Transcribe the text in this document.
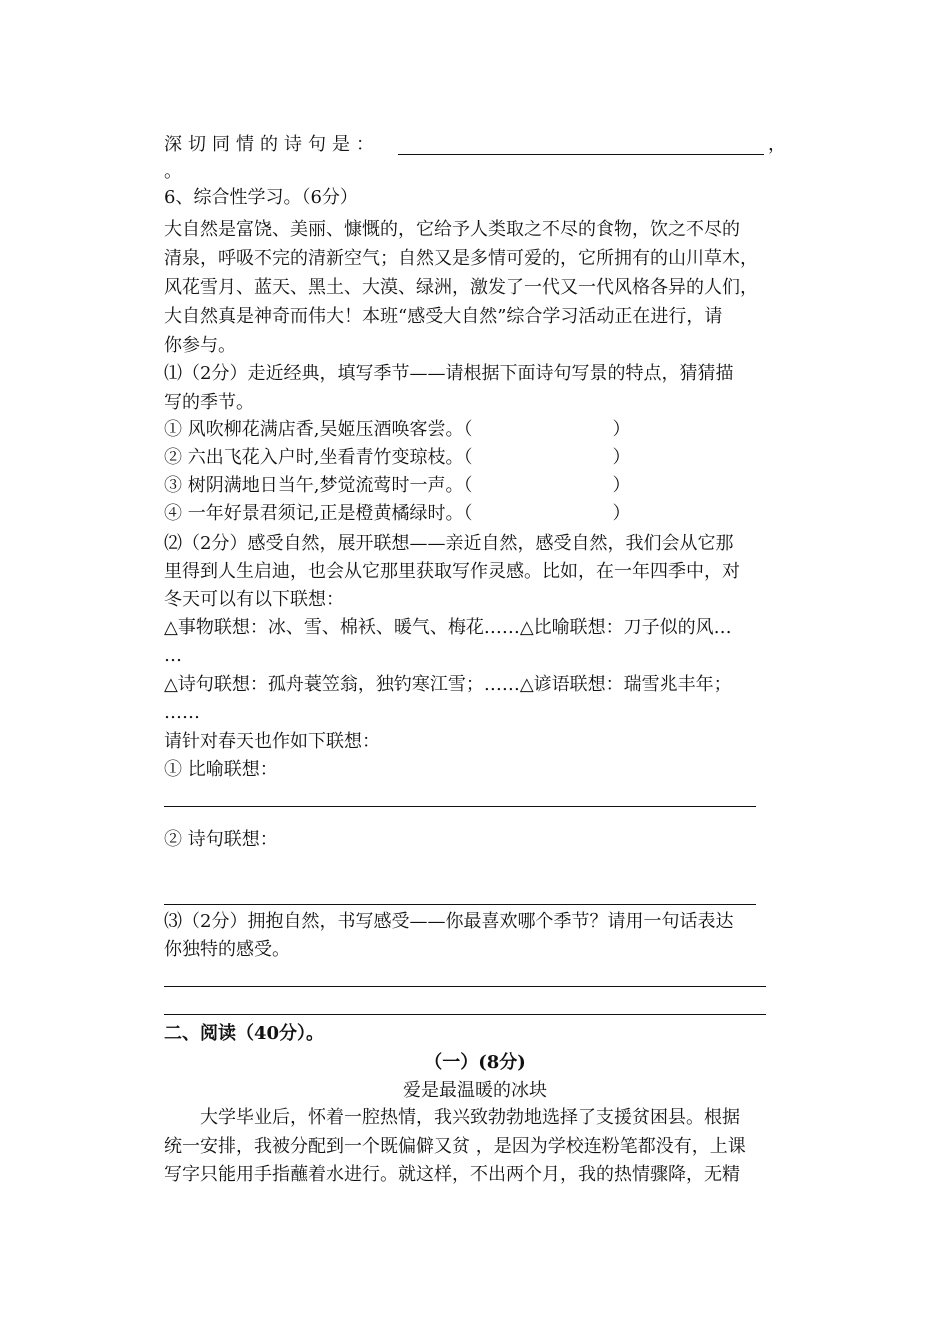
深切同情的诗句是：	，
。
6、综合性学习。（6分）
大自然是富饶、美丽、慷慨的，它给予人类取之不尽的食物，饮之不尽的
清泉，呼吸不完的清新空气；自然又是多情可爱的，它所拥有的山川草木，
风花雪月、蓝天、黑土、大漠、绿洲，激发了一代又一代风格各异的人们，
大自然真是神奇而伟大！本班“感受大自然”综合学习活动正在进行，请
你参与。
⑴（2分）走近经典，填写季节——请根据下面诗句写景的特点，猜猜描
写的季节。
① 风吹柳花满店香,吴姬压酒唤客尝。（	）
② 六出飞花入户时,坐看青竹变琼枝。（	）
③ 树阴满地日当午,梦觉流莺时一声。（	）
④ 一年好景君须记,正是橙黄橘绿时。（	）
⑵（2分）感受自然，展开联想——亲近自然，感受自然，我们会从它那
里得到人生启迪，也会从它那里获取写作灵感。比如，在一年四季中，对
冬天可以有以下联想：
△事物联想：冰、雪、棉袄、暖气、梅花……△比喻联想：刀子似的风…
…
△诗句联想：孤舟蓑笠翁，独钓寒江雪；……△谚语联想：瑞雪兆丰年；
……
请针对春天也作如下联想：
① 比喻联想：
② 诗句联想：
⑶（2分）拥抱自然，书写感受——你最喜欢哪个季节？请用一句话表达
你独特的感受。
二、阅读（40分）。
（一）(8分)
爱是最温暖的冰块
大学毕业后，怀着一腔热情，我兴致勃勃地选择了支援贫困县。根据
统一安排，我被分配到一个既偏僻又贫 ，是因为学校连粉笔都没有，上课
写字只能用手指蘸着水进行。就这样，不出两个月，我的热情骤降，无精
